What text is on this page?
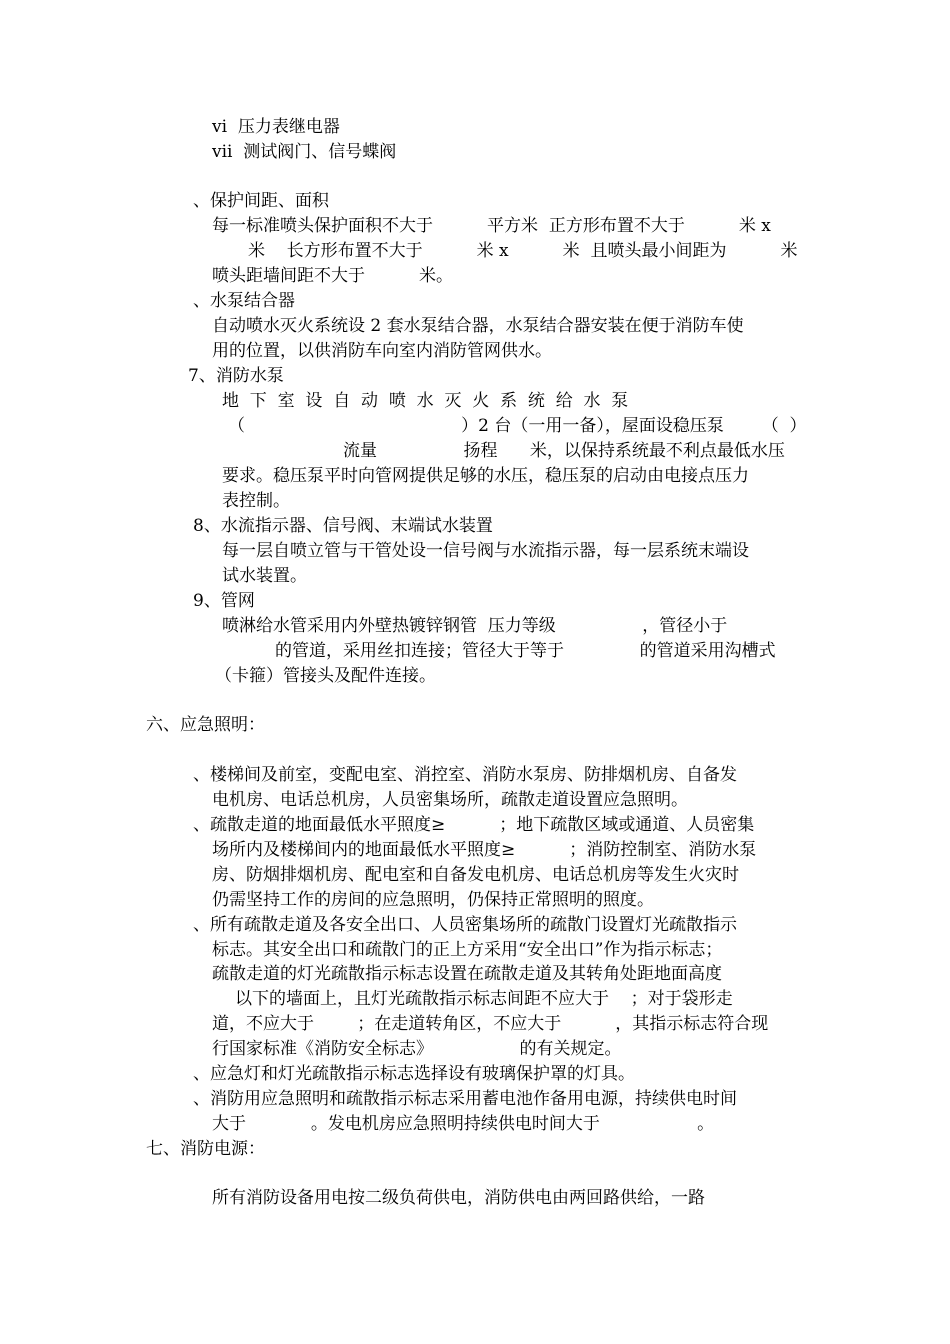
vi  压力表继电器
vii  测试阀门、信号蝶阀
、保护间距、面积
每一标准喷头保护面积不大于          平方米  正方形布置不大于          米 x
米    长方形布置不大于          米 x          米  且喷头最小间距为          米
喷头距墙间距不大于          米。
、水泵结合器
自动喷水灭火系统设 2 套水泵结合器，水泵结合器安装在便于消防车使
用的位置，以供消防车向室内消防管网供水。
7、消防水泵
地  下  室  设  自  动  喷  水  灭  火  系  统  给  水  泵
（                                        ）2 台（一用一备），屋面设稳压泵       （  ）
流量                扬程      米，以保持系统最不利点最低水压
要求。稳压泵平时向管网提供足够的水压，稳压泵的启动由电接点压力
表控制。
8、水流指示器、信号阀、末端试水装置
每一层自喷立管与干管处设一信号阀与水流指示器，每一层系统末端设
试水装置。
9、管网
喷淋给水管采用内外壁热镀锌钢管  压力等级                ，管径小于
的管道，采用丝扣连接；管径大于等于              的管道采用沟槽式
（卡箍）管接头及配件连接。
六、应急照明：
、楼梯间及前室，变配电室、消控室、消防水泵房、防排烟机房、自备发
电机房、电话总机房，人员密集场所，疏散走道设置应急照明。
、疏散走道的地面最低水平照度≥          ；地下疏散区域或通道、人员密集
场所内及楼梯间内的地面最低水平照度≥          ；消防控制室、消防水泵
房、防烟排烟机房、配电室和自备发电机房、电话总机房等发生火灾时
仍需坚持工作的房间的应急照明，仍保持正常照明的照度。
、所有疏散走道及各安全出口、人员密集场所的疏散门设置灯光疏散指示
标志。其安全出口和疏散门的正上方采用“安全出口”作为指示标志；
疏散走道的灯光疏散指示标志设置在疏散走道及其转角处距地面高度
以下的墙面上，且灯光疏散指示标志间距不应大于    ；对于袋形走
道，不应大于        ；在走道转角区，不应大于          ，其指示标志符合现
行国家标准《消防安全标志》                的有关规定。
、应急灯和灯光疏散指示标志选择设有玻璃保护罩的灯具。
、消防用应急照明和疏散指示标志采用蓄电池作备用电源，持续供电时间
大于            。发电机房应急照明持续供电时间大于                  。
七、消防电源：
所有消防设备用电按二级负荷供电，消防供电由两回路供给，一路
